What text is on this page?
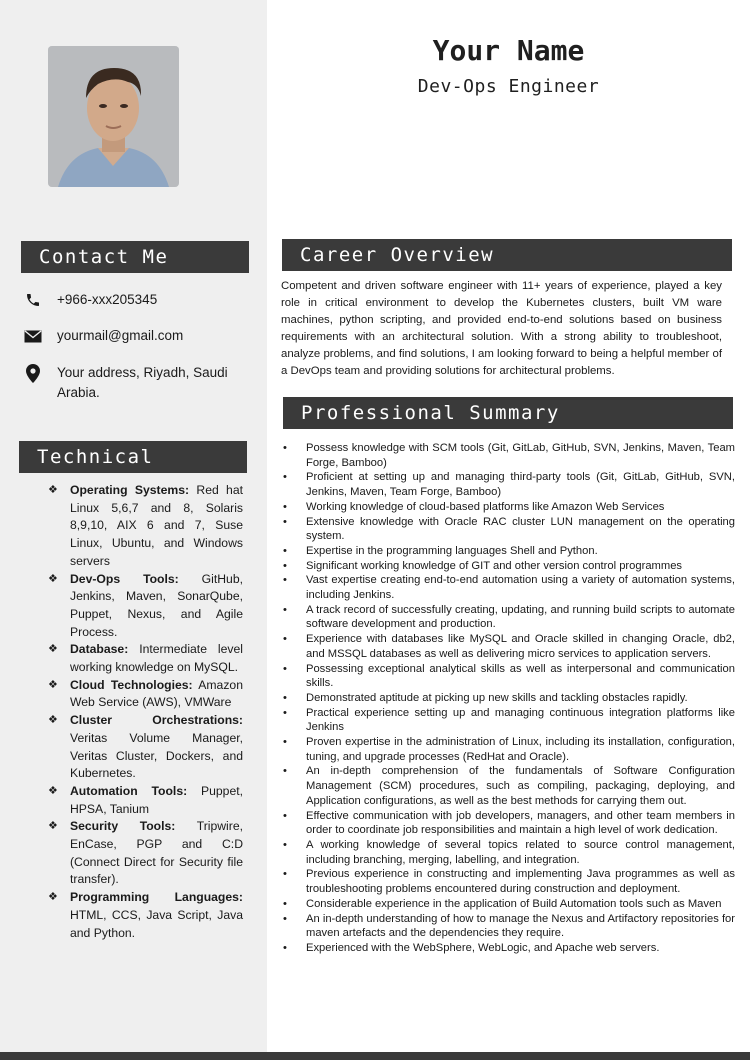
Your Name
Dev-Ops Engineer
Contact Me
+966-xxx205345
yourmail@gmail.com
Your address, Riyadh, Saudi Arabia.
Technical
❖ Operating Systems: Red hat Linux 5,6,7 and 8, Solaris 8,9,10, AIX 6 and 7, Suse Linux, Ubuntu, and Windows servers
❖ Dev-Ops Tools: GitHub, Jenkins, Maven, SonarQube, Puppet, Nexus, and Agile Process.
❖ Database: Intermediate level working knowledge on MySQL.
❖ Cloud Technologies: Amazon Web Service (AWS), VMWare
❖ Cluster Orchestrations: Veritas Volume Manager, Veritas Cluster, Dockers, and Kubernetes.
❖ Automation Tools: Puppet, HPSA, Tanium
❖ Security Tools: Tripwire, EnCase, PGP and C:D (Connect Direct for Security file transfer).
❖ Programming Languages: HTML, CCS, Java Script, Java and Python.
Career Overview

Competent and driven software engineer with 11+ years of experience, played a key role in critical environment to develop the Kubernetes clusters, built VM ware machines, python scripting, and provided end-to-end solutions based on business requirements with an architectural solution. With a strong ability to troubleshoot, analyze problems, and find solutions, I am looking forward to being a helpful member of a DevOps team and providing solutions for architectural problems.

Professional Summary
• Possess knowledge with SCM tools (Git, GitLab, GitHub, SVN, Jenkins, Maven, Team Forge, Bamboo)
• Proficient at setting up and managing third-party tools (Git, GitLab, GitHub, SVN, Jenkins, Maven, Team Forge, Bamboo)
• Working knowledge of cloud-based platforms like Amazon Web Services
• Extensive knowledge with Oracle RAC cluster LUN management on the operating system.
• Expertise in the programming languages Shell and Python.
• Significant working knowledge of GIT and other version control programmes
• Vast expertise creating end-to-end automation using a variety of automation systems, including Jenkins.
• A track record of successfully creating, updating, and running build scripts to automate software development and production.
• Experience with databases like MySQL and Oracle skilled in changing Oracle, db2, and MSSQL databases as well as delivering micro services to application servers.
• Possessing exceptional analytical skills as well as interpersonal and communication skills.
• Demonstrated aptitude at picking up new skills and tackling obstacles rapidly.
• Practical experience setting up and managing continuous integration platforms like Jenkins
• Proven expertise in the administration of Linux, including its installation, configuration, tuning, and upgrade processes (RedHat and Oracle).
• An in-depth comprehension of the fundamentals of Software Configuration Management (SCM) procedures, such as compiling, packaging, deploying, and Application configurations, as well as the best methods for carrying them out.
• Effective communication with job developers, managers, and other team members in order to coordinate job responsibilities and maintain a high level of work dedication.
• A working knowledge of several topics related to source control management, including branching, merging, labelling, and integration.
• Previous experience in constructing and implementing Java programmes as well as troubleshooting problems encountered during construction and deployment.
• Considerable experience in the application of Build Automation tools such as Maven
• An in-depth understanding of how to manage the Nexus and Artifactory repositories for maven artefacts and the dependencies they require.
• Experienced with the WebSphere, WebLogic, and Apache web servers.
